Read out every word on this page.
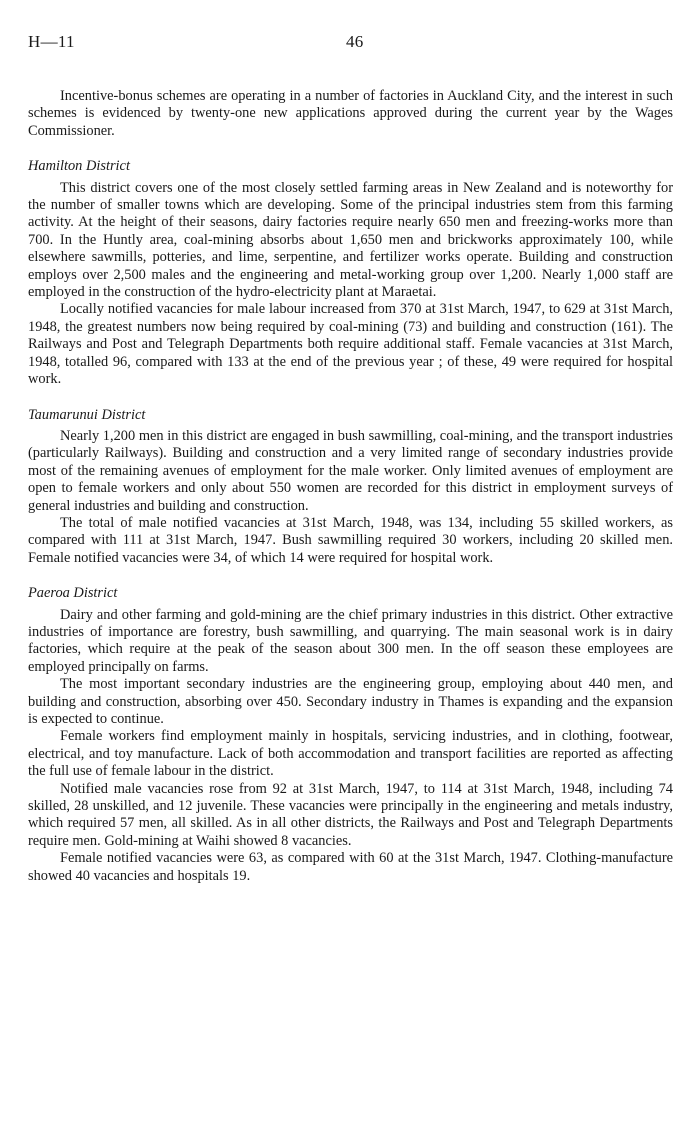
H—11	46

Incentive-bonus schemes are operating in a number of factories in Auckland City, and the interest in such schemes is evidenced by twenty-one new applications approved during the current year by the Wages Commissioner.

Hamilton District

This district covers one of the most closely settled farming areas in New Zealand and is noteworthy for the number of smaller towns which are developing. Some of the principal industries stem from this farming activity. At the height of their seasons, dairy factories require nearly 650 men and freezing-works more than 700. In the Huntly area, coal-mining absorbs about 1,650 men and brickworks approximately 100, while elsewhere sawmills, potteries, and lime, serpentine, and fertilizer works operate. Building and construction employs over 2,500 males and the engineering and metal-working group over 1,200. Nearly 1,000 staff are employed in the construction of the hydro-electricity plant at Maraetai.

Locally notified vacancies for male labour increased from 370 at 31st March, 1947, to 629 at 31st March, 1948, the greatest numbers now being required by coal-mining (73) and building and construction (161). The Railways and Post and Telegraph Departments both require additional staff. Female vacancies at 31st March, 1948, totalled 96, compared with 133 at the end of the previous year ; of these, 49 were required for hospital work.

Taumarunui District

Nearly 1,200 men in this district are engaged in bush sawmilling, coal-mining, and the transport industries (particularly Railways). Building and construction and a very limited range of secondary industries provide most of the remaining avenues of employment for the male worker. Only limited avenues of employment are open to female workers and only about 550 women are recorded for this district in employment surveys of general industries and building and construction.

The total of male notified vacancies at 31st March, 1948, was 134, including 55 skilled workers, as compared with 111 at 31st March, 1947. Bush sawmilling required 30 workers, including 20 skilled men. Female notified vacancies were 34, of which 14 were required for hospital work.

Paeroa District

Dairy and other farming and gold-mining are the chief primary industries in this district. Other extractive industries of importance are forestry, bush sawmilling, and quarrying. The main seasonal work is in dairy factories, which require at the peak of the season about 300 men. In the off season these employees are employed principally on farms.

The most important secondary industries are the engineering group, employing about 440 men, and building and construction, absorbing over 450. Secondary industry in Thames is expanding and the expansion is expected to continue.

Female workers find employment mainly in hospitals, servicing industries, and in clothing, footwear, electrical, and toy manufacture. Lack of both accommodation and transport facilities are reported as affecting the full use of female labour in the district.

Notified male vacancies rose from 92 at 31st March, 1947, to 114 at 31st March, 1948, including 74 skilled, 28 unskilled, and 12 juvenile. These vacancies were principally in the engineering and metals industry, which required 57 men, all skilled. As in all other districts, the Railways and Post and Telegraph Departments require men. Gold-mining at Waihi showed 8 vacancies.

Female notified vacancies were 63, as compared with 60 at the 31st March, 1947. Clothing-manufacture showed 40 vacancies and hospitals 19.
